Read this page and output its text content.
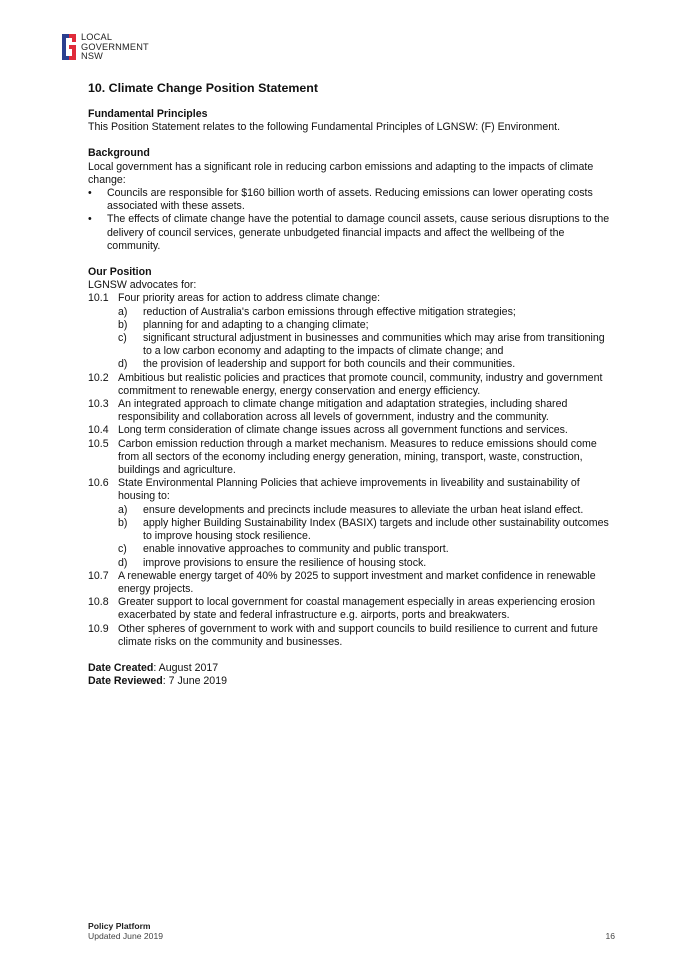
LOCAL
GOVERNMENT
NSW
10. Climate Change Position Statement
Fundamental Principles
This Position Statement relates to the following Fundamental Principles of LGNSW: (F) Environment.
Background
Local government has a significant role in reducing carbon emissions and adapting to the impacts of climate change:
•	Councils are responsible for $160 billion worth of assets. Reducing emissions can lower operating costs associated with these assets.
•	The effects of climate change have the potential to damage council assets, cause serious disruptions to the delivery of council services, generate unbudgeted financial impacts and affect the wellbeing of the community.
Our Position
LGNSW advocates for:
10.1 Four priority areas for action to address climate change:
a)	reduction of Australia's carbon emissions through effective mitigation strategies;
b)	planning for and adapting to a changing climate;
c)	significant structural adjustment in businesses and communities which may arise from transitioning to a low carbon economy and adapting to the impacts of climate change; and
d)	the provision of leadership and support for both councils and their communities.
10.2 Ambitious but realistic policies and practices that promote council, community, industry and government commitment to renewable energy, energy conservation and energy efficiency.
10.3 An integrated approach to climate change mitigation and adaptation strategies, including shared responsibility and collaboration across all levels of government, industry and the community.
10.4 Long term consideration of climate change issues across all government functions and services.
10.5 Carbon emission reduction through a market mechanism. Measures to reduce emissions should come from all sectors of the economy including energy generation, mining, transport, waste, construction, buildings and agriculture.
10.6 State Environmental Planning Policies that achieve improvements in liveability and sustainability of housing to:
a)	ensure developments and precincts include measures to alleviate the urban heat island effect.
b)	apply higher Building Sustainability Index (BASIX) targets and include other sustainability outcomes to improve housing stock resilience.
c)	enable innovative approaches to community and public transport.
d)	improve provisions to ensure the resilience of housing stock.
10.7 A renewable energy target of 40% by 2025 to support investment and market confidence in renewable energy projects.
10.8 Greater support to local government for coastal management especially in areas experiencing erosion exacerbated by state and federal infrastructure e.g. airports, ports and breakwaters.
10.9 Other spheres of government to work with and support councils to build resilience to current and future climate risks on the community and businesses.
Date Created: August 2017
Date Reviewed: 7 June 2019
Policy Platform
Updated June 2019	16
